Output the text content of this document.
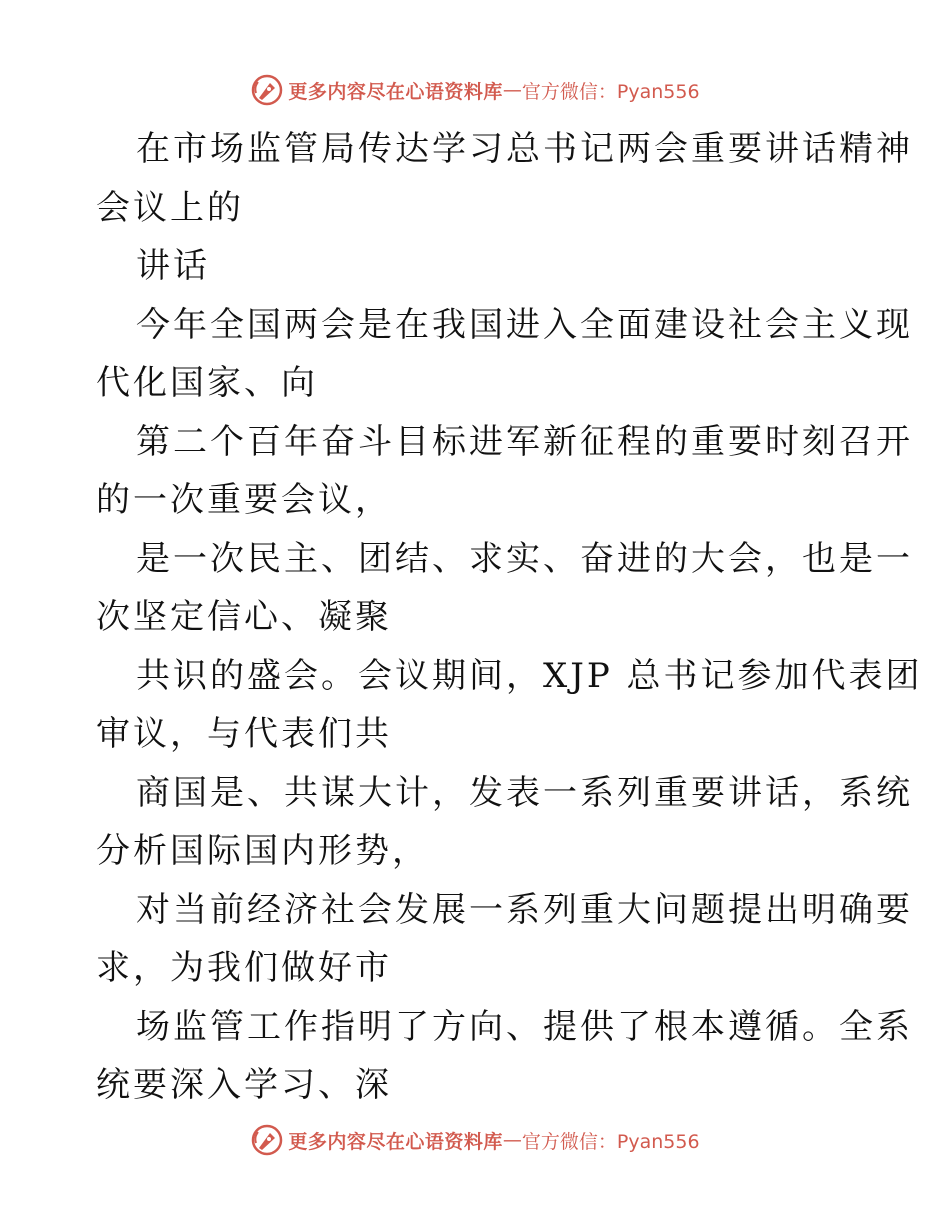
更多内容尽在心语资料库 — 官方微信：Pyan556
在市场监管局传达学习总书记两会重要讲话精神
会议上的
讲话
今年全国两会是在我国进入全面建设社会主义现
代化国家、向
第二个百年奋斗目标进军新征程的重要时刻召开
的一次重要会议，
是一次民主、团结、求实、奋进的大会，也是一
次坚定信心、凝聚
共识的盛会。会议期间，XJP 总书记参加代表团
审议，与代表们共
商国是、共谋大计，发表一系列重要讲话，系统
分析国际国内形势，
对当前经济社会发展一系列重大问题提出明确要
求，为我们做好市
场监管工作指明了方向、提供了根本遵循。全系
统要深入学习、深
更多内容尽在心语资料库 — 官方微信：Pyan556
